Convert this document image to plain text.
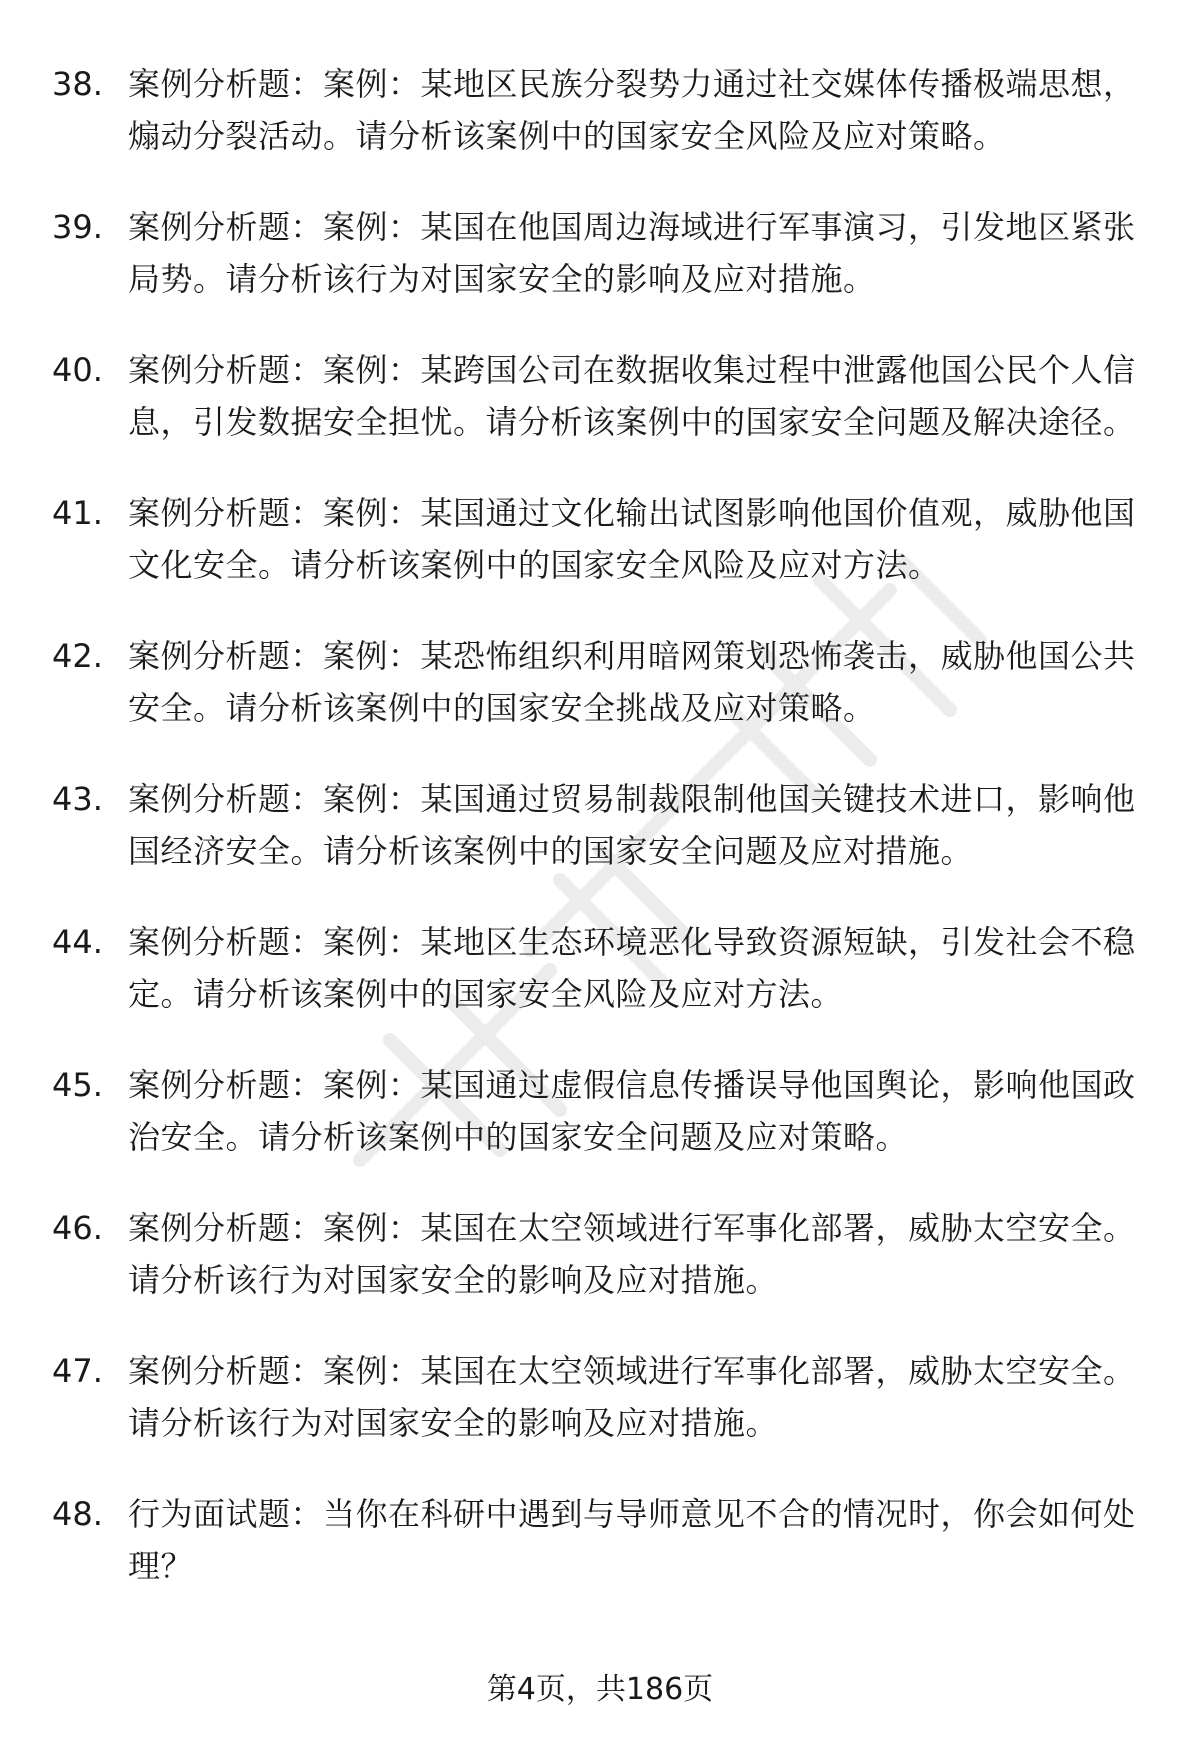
38. 案例分析题：案例：某地区民族分裂势力通过社交媒体传播极端思想，煽动分裂活动。请分析该案例中的国家安全风险及应对策略。
39. 案例分析题：案例：某国在他国周边海域进行军事演习，引发地区紧张局势。请分析该行为对国家安全的影响及应对措施。
40. 案例分析题：案例：某跨国公司在数据收集过程中泄露他国公民个人信息，引发数据安全担忧。请分析该案例中的国家安全问题及解决途径。
41. 案例分析题：案例：某国通过文化输出试图影响他国价值观，威胁他国文化安全。请分析该案例中的国家安全风险及应对方法。
42. 案例分析题：案例：某恐怖组织利用暗网策划恐怖袭击，威胁他国公共安全。请分析该案例中的国家安全挑战及应对策略。
43. 案例分析题：案例：某国通过贸易制裁限制他国关键技术进口，影响他国经济安全。请分析该案例中的国家安全问题及应对措施。
44. 案例分析题：案例：某地区生态环境恶化导致资源短缺，引发社会不稳定。请分析该案例中的国家安全风险及应对方法。
45. 案例分析题：案例：某国通过虚假信息传播误导他国舆论，影响他国政治安全。请分析该案例中的国家安全问题及应对策略。
46. 案例分析题：案例：某国在太空领域进行军事化部署，威胁太空安全。请分析该行为对国家安全的影响及应对措施。
47. 案例分析题：案例：某国在太空领域进行军事化部署，威胁太空安全。请分析该行为对国家安全的影响及应对措施。
48. 行为面试题：当你在科研中遇到与导师意见不合的情况时，你会如何处理？
第4页，共186页
